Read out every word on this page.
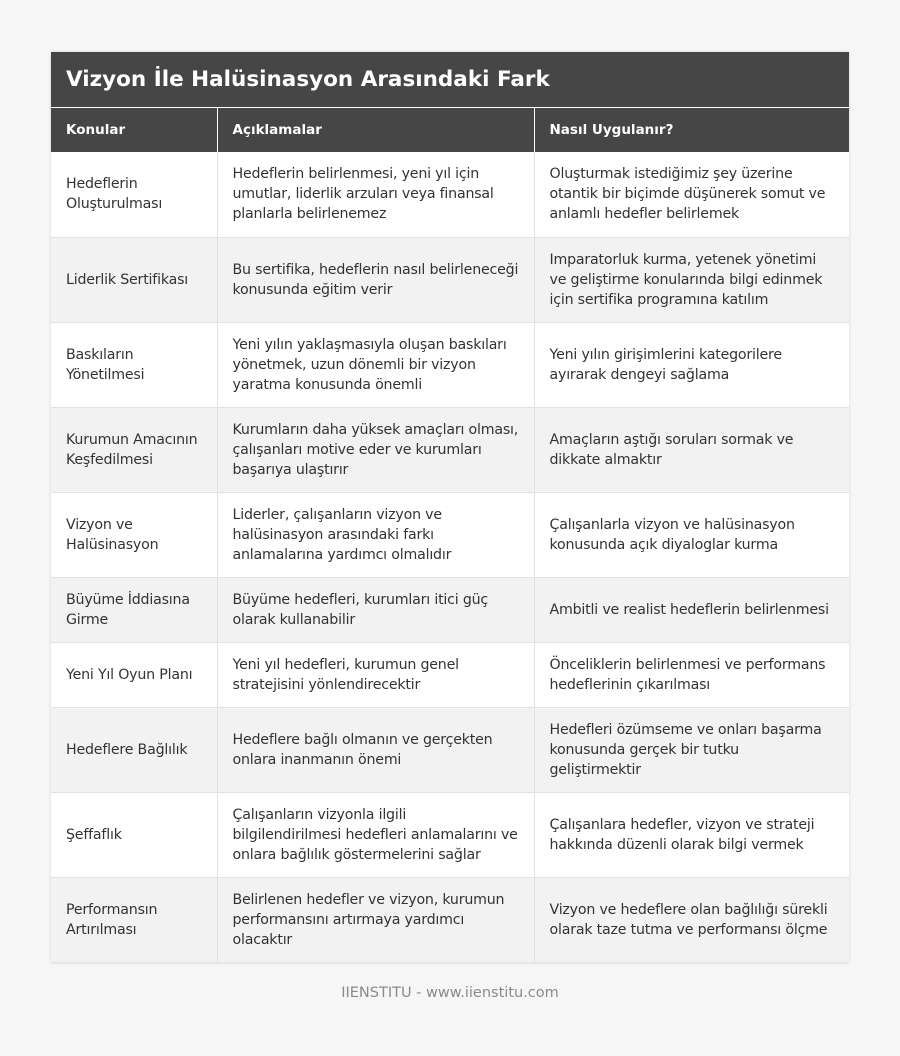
Vizyon İle Halüsinasyon Arasındaki Fark
Konular	Açıklamalar	Nasıl Uygulanır?
Hedeflerin Oluşturulması	Hedeflerin belirlenmesi, yeni yıl için umutlar, liderlik arzuları veya finansal planlarla belirlenemez	Oluşturmak istediğimiz şey üzerine otantik bir biçimde düşünerek somut ve anlamlı hedefler belirlemek
Liderlik Sertifikası	Bu sertifika, hedeflerin nasıl belirleneceği konusunda eğitim verir	Imparatorluk kurma, yetenek yönetimi ve geliştirme konularında bilgi edinmek için sertifika programına katılım
Baskıların Yönetilmesi	Yeni yılın yaklaşmasıyla oluşan baskıları yönetmek, uzun dönemli bir vizyon yaratma konusunda önemli	Yeni yılın girişimlerini kategorilere ayırarak dengeyi sağlama
Kurumun Amacının Keşfedilmesi	Kurumların daha yüksek amaçları olması, çalışanları motive eder ve kurumları başarıya ulaştırır	Amaçların aştığı soruları sormak ve dikkate almaktır
Vizyon ve Halüsinasyon	Liderler, çalışanların vizyon ve halüsinasyon arasındaki farkı anlamalarına yardımcı olmalıdır	Çalışanlarla vizyon ve halüsinasyon konusunda açık diyaloglar kurma
Büyüme İddiasına Girme	Büyüme hedefleri, kurumları itici güç olarak kullanabilir	Ambitli ve realist hedeflerin belirlenmesi
Yeni Yıl Oyun Planı	Yeni yıl hedefleri, kurumun genel stratejisini yönlendirecektir	Önceliklerin belirlenmesi ve performans hedeflerinin çıkarılması
Hedeflere Bağlılık	Hedeflere bağlı olmanın ve gerçekten onlara inanmanın önemi	Hedefleri özümseme ve onları başarma konusunda gerçek bir tutku geliştirmektir
Şeffaflık	Çalışanların vizyonla ilgili bilgilendirilmesi hedefleri anlamalarını ve onlara bağlılık göstermelerini sağlar	Çalışanlara hedefler, vizyon ve strateji hakkında düzenli olarak bilgi vermek
Performansın Artırılması	Belirlenen hedefler ve vizyon, kurumun performansını artırmaya yardımcı olacaktır	Vizyon ve hedeflere olan bağlılığı sürekli olarak taze tutma ve performansı ölçme
IIENSTITU - www.iienstitu.com
